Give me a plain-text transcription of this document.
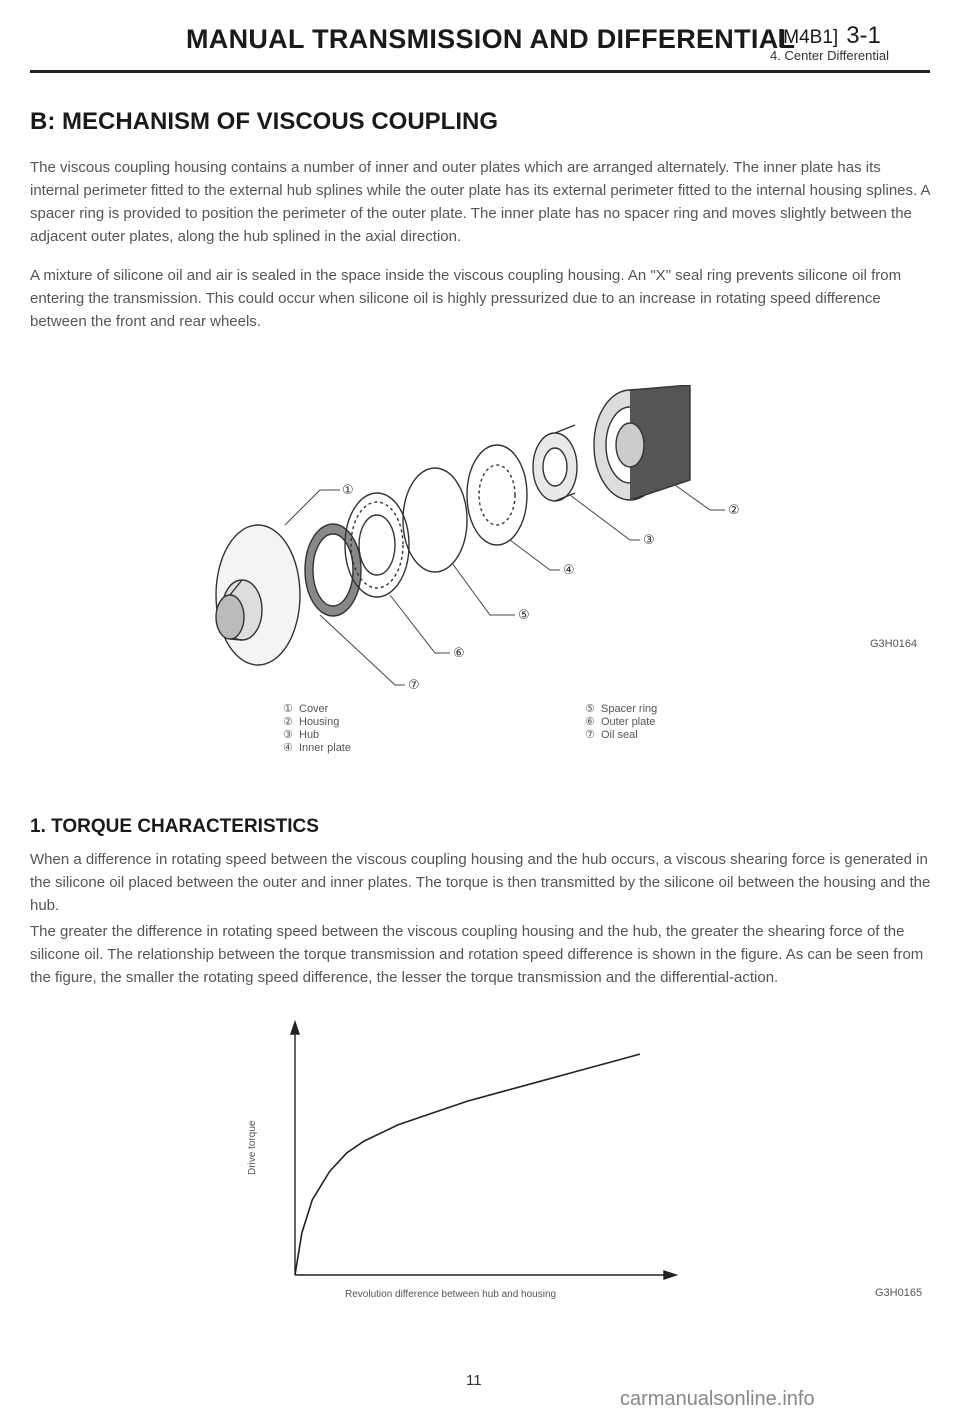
MANUAL TRANSMISSION AND DIFFERENTIAL
[M4B1] 3-1
4. Center Differential
B: MECHANISM OF VISCOUS COUPLING
The viscous coupling housing contains a number of inner and outer plates which are arranged alternately. The inner plate has its internal perimeter fitted to the external hub splines while the outer plate has its external perimeter fitted to the internal housing splines. A spacer ring is provided to position the perimeter of the outer plate. The inner plate has no spacer ring and moves slightly between the adjacent outer plates, along the hub splined in the axial direction.
A mixture of silicone oil and air is sealed in the space inside the viscous coupling housing. An "X" seal ring prevents silicone oil from entering the transmission. This could occur when silicone oil is highly pressurized due to an increase in rotating speed difference between the front and rear wheels.
①
②
③
④
⑤
⑥
⑦
G3H0164
① Cover
② Housing
③ Hub
④ Inner plate
⑤ Spacer ring
⑥ Outer plate
⑦ Oil seal
1. TORQUE CHARACTERISTICS
When a difference in rotating speed between the viscous coupling housing and the hub occurs, a viscous shearing force is generated in the silicone oil placed between the outer and inner plates. The torque is then transmitted by the silicone oil between the housing and the hub.
The greater the difference in rotating speed between the viscous coupling housing and the hub, the greater the shearing force of the silicone oil. The relationship between the torque transmission and rotation speed difference is shown in the figure. As can be seen from the figure, the smaller the rotating speed difference, the lesser the torque transmission and the differential-action.
Drive torque
Revolution difference between hub and housing	G3H0165
11
carmanualsonline.info
